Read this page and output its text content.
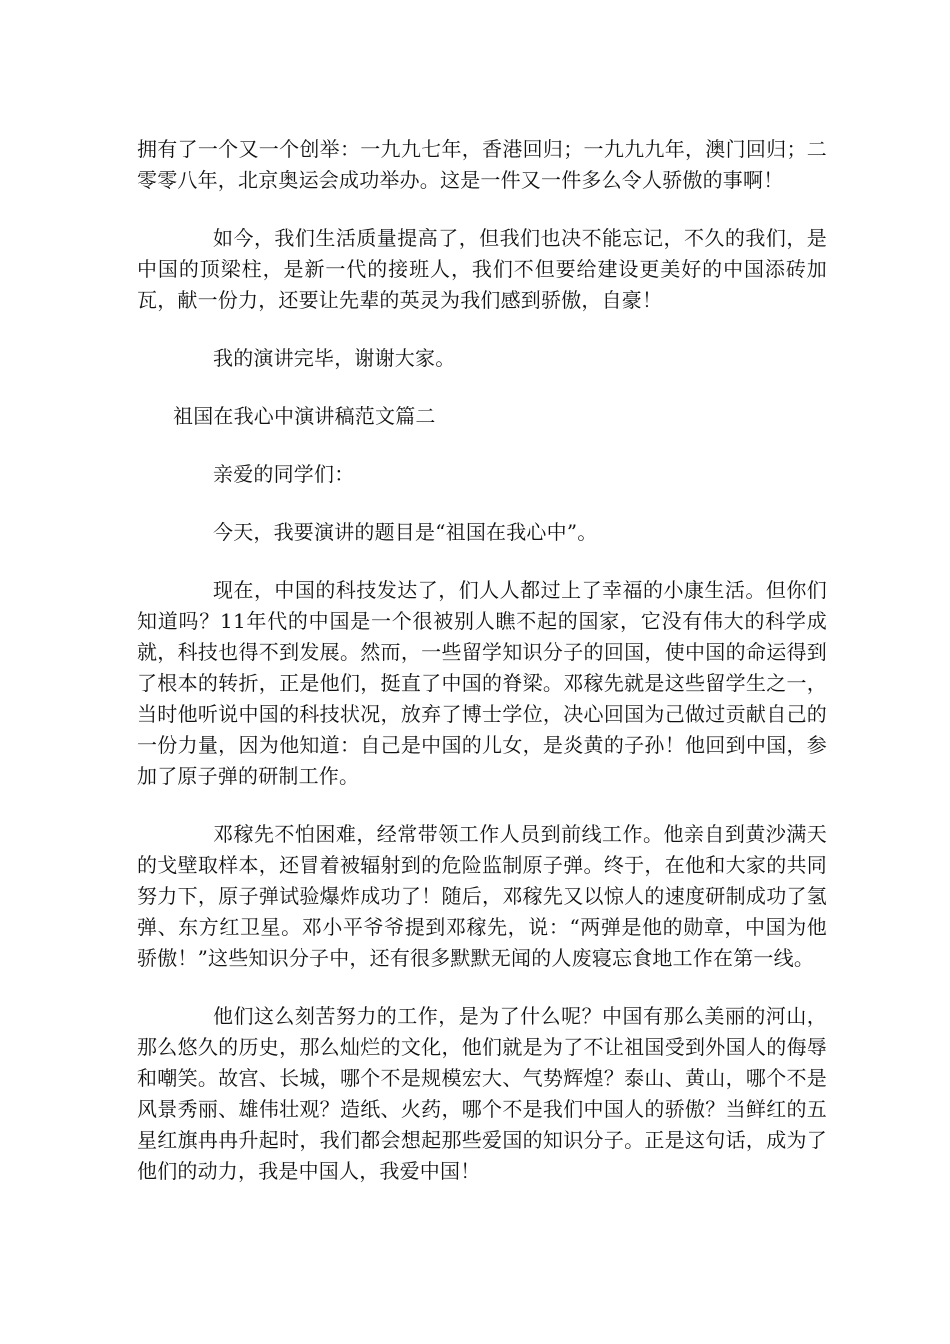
拥有了一个又一个创举：一九九七年，香港回归；一九九九年，澳门回归；二零零八年，北京奥运会成功举办。这是一件又一件多么令人骄傲的事啊！

如今，我们生活质量提高了，但我们也决不能忘记，不久的我们，是中国的顶梁柱，是新一代的接班人，我们不但要给建设更美好的中国添砖加瓦，献一份力，还要让先辈的英灵为我们感到骄傲，自豪！

我的演讲完毕，谢谢大家。

祖国在我心中演讲稿范文篇二

亲爱的同学们：

今天，我要演讲的题目是“祖国在我心中”。

现在，中国的科技发达了，们人人都过上了幸福的小康生活。但你们知道吗？11年代的中国是一个很被别人瞧不起的国家，它没有伟大的科学成就，科技也得不到发展。然而，一些留学知识分子的回国，使中国的命运得到了根本的转折，正是他们，挺直了中国的脊梁。邓稼先就是这些留学生之一，当时他听说中国的科技状况，放弃了博士学位，决心回国为己做过贡献自己的一份力量，因为他知道：自己是中国的儿女，是炎黄的子孙！他回到中国，参加了原子弹的研制工作。

邓稼先不怕困难，经常带领工作人员到前线工作。他亲自到黄沙满天的戈壁取样本，还冒着被辐射到的危险监制原子弹。终于，在他和大家的共同努力下，原子弹试验爆炸成功了！随后，邓稼先又以惊人的速度研制成功了氢弹、东方红卫星。邓小平爷爷提到邓稼先，说：“两弹是他的勋章，中国为他骄傲！”这些知识分子中，还有很多默默无闻的人废寝忘食地工作在第一线。

他们这么刻苦努力的工作，是为了什么呢？中国有那么美丽的河山，那么悠久的历史，那么灿烂的文化，他们就是为了不让祖国受到外国人的侮辱和嘲笑。故宫、长城，哪个不是规模宏大、气势辉煌？泰山、黄山，哪个不是风景秀丽、雄伟壮观？造纸、火药，哪个不是我们中国人的骄傲？当鲜红的五星红旗冉冉升起时，我们都会想起那些爱国的知识分子。正是这句话，成为了他们的动力，我是中国人，我爱中国！
